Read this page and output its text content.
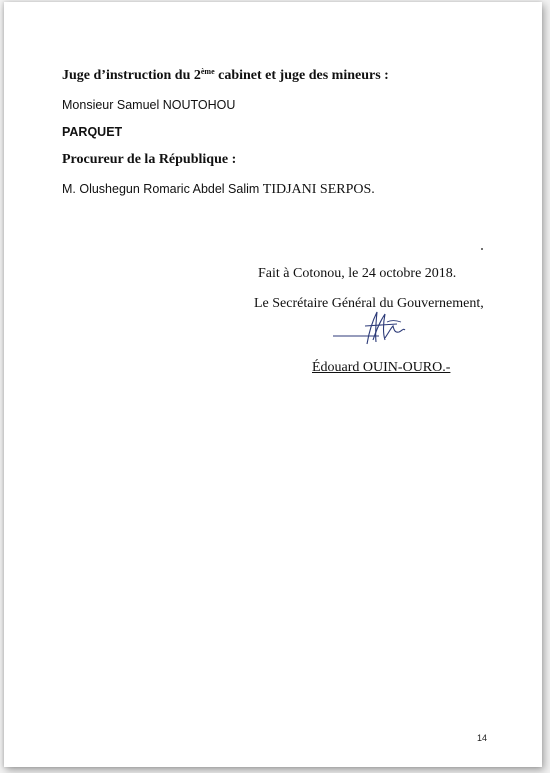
Juge d’instruction du 2ème cabinet et juge des mineurs :
Monsieur Samuel NOUTOHOU
PARQUET
Procureur de la République :
M. Olushegun Romaric Abdel Salim TIDJANI SERPOS.
Fait à Cotonou, le 24 octobre 2018.
Le Secrétaire Général du Gouvernement,
Édouard OUIN-OURO.-
14
